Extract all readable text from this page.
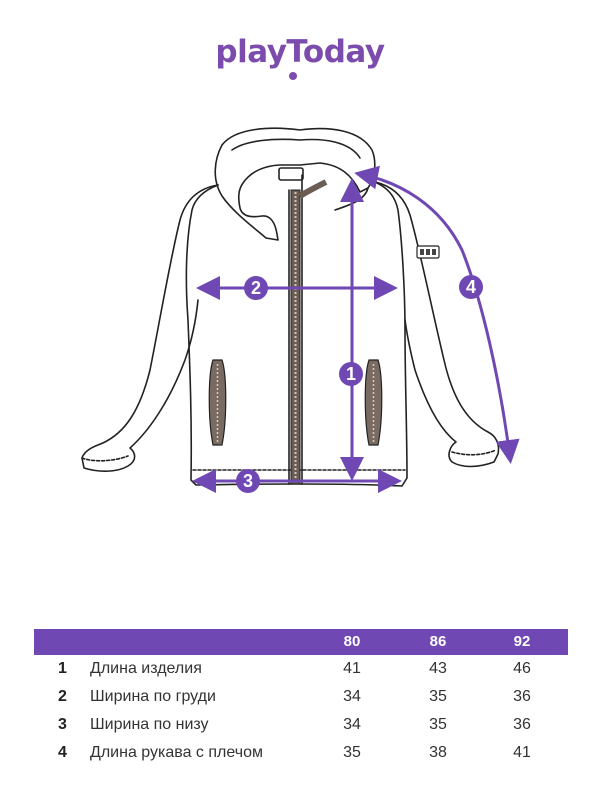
playToday
1
2
3
4
80	86	92
1 Длина изделия	41	43	46
2 Ширина по груди	34	35	36
3 Ширина по низу	34	35	36
4 Длина рукава с плечом	35	38	41
